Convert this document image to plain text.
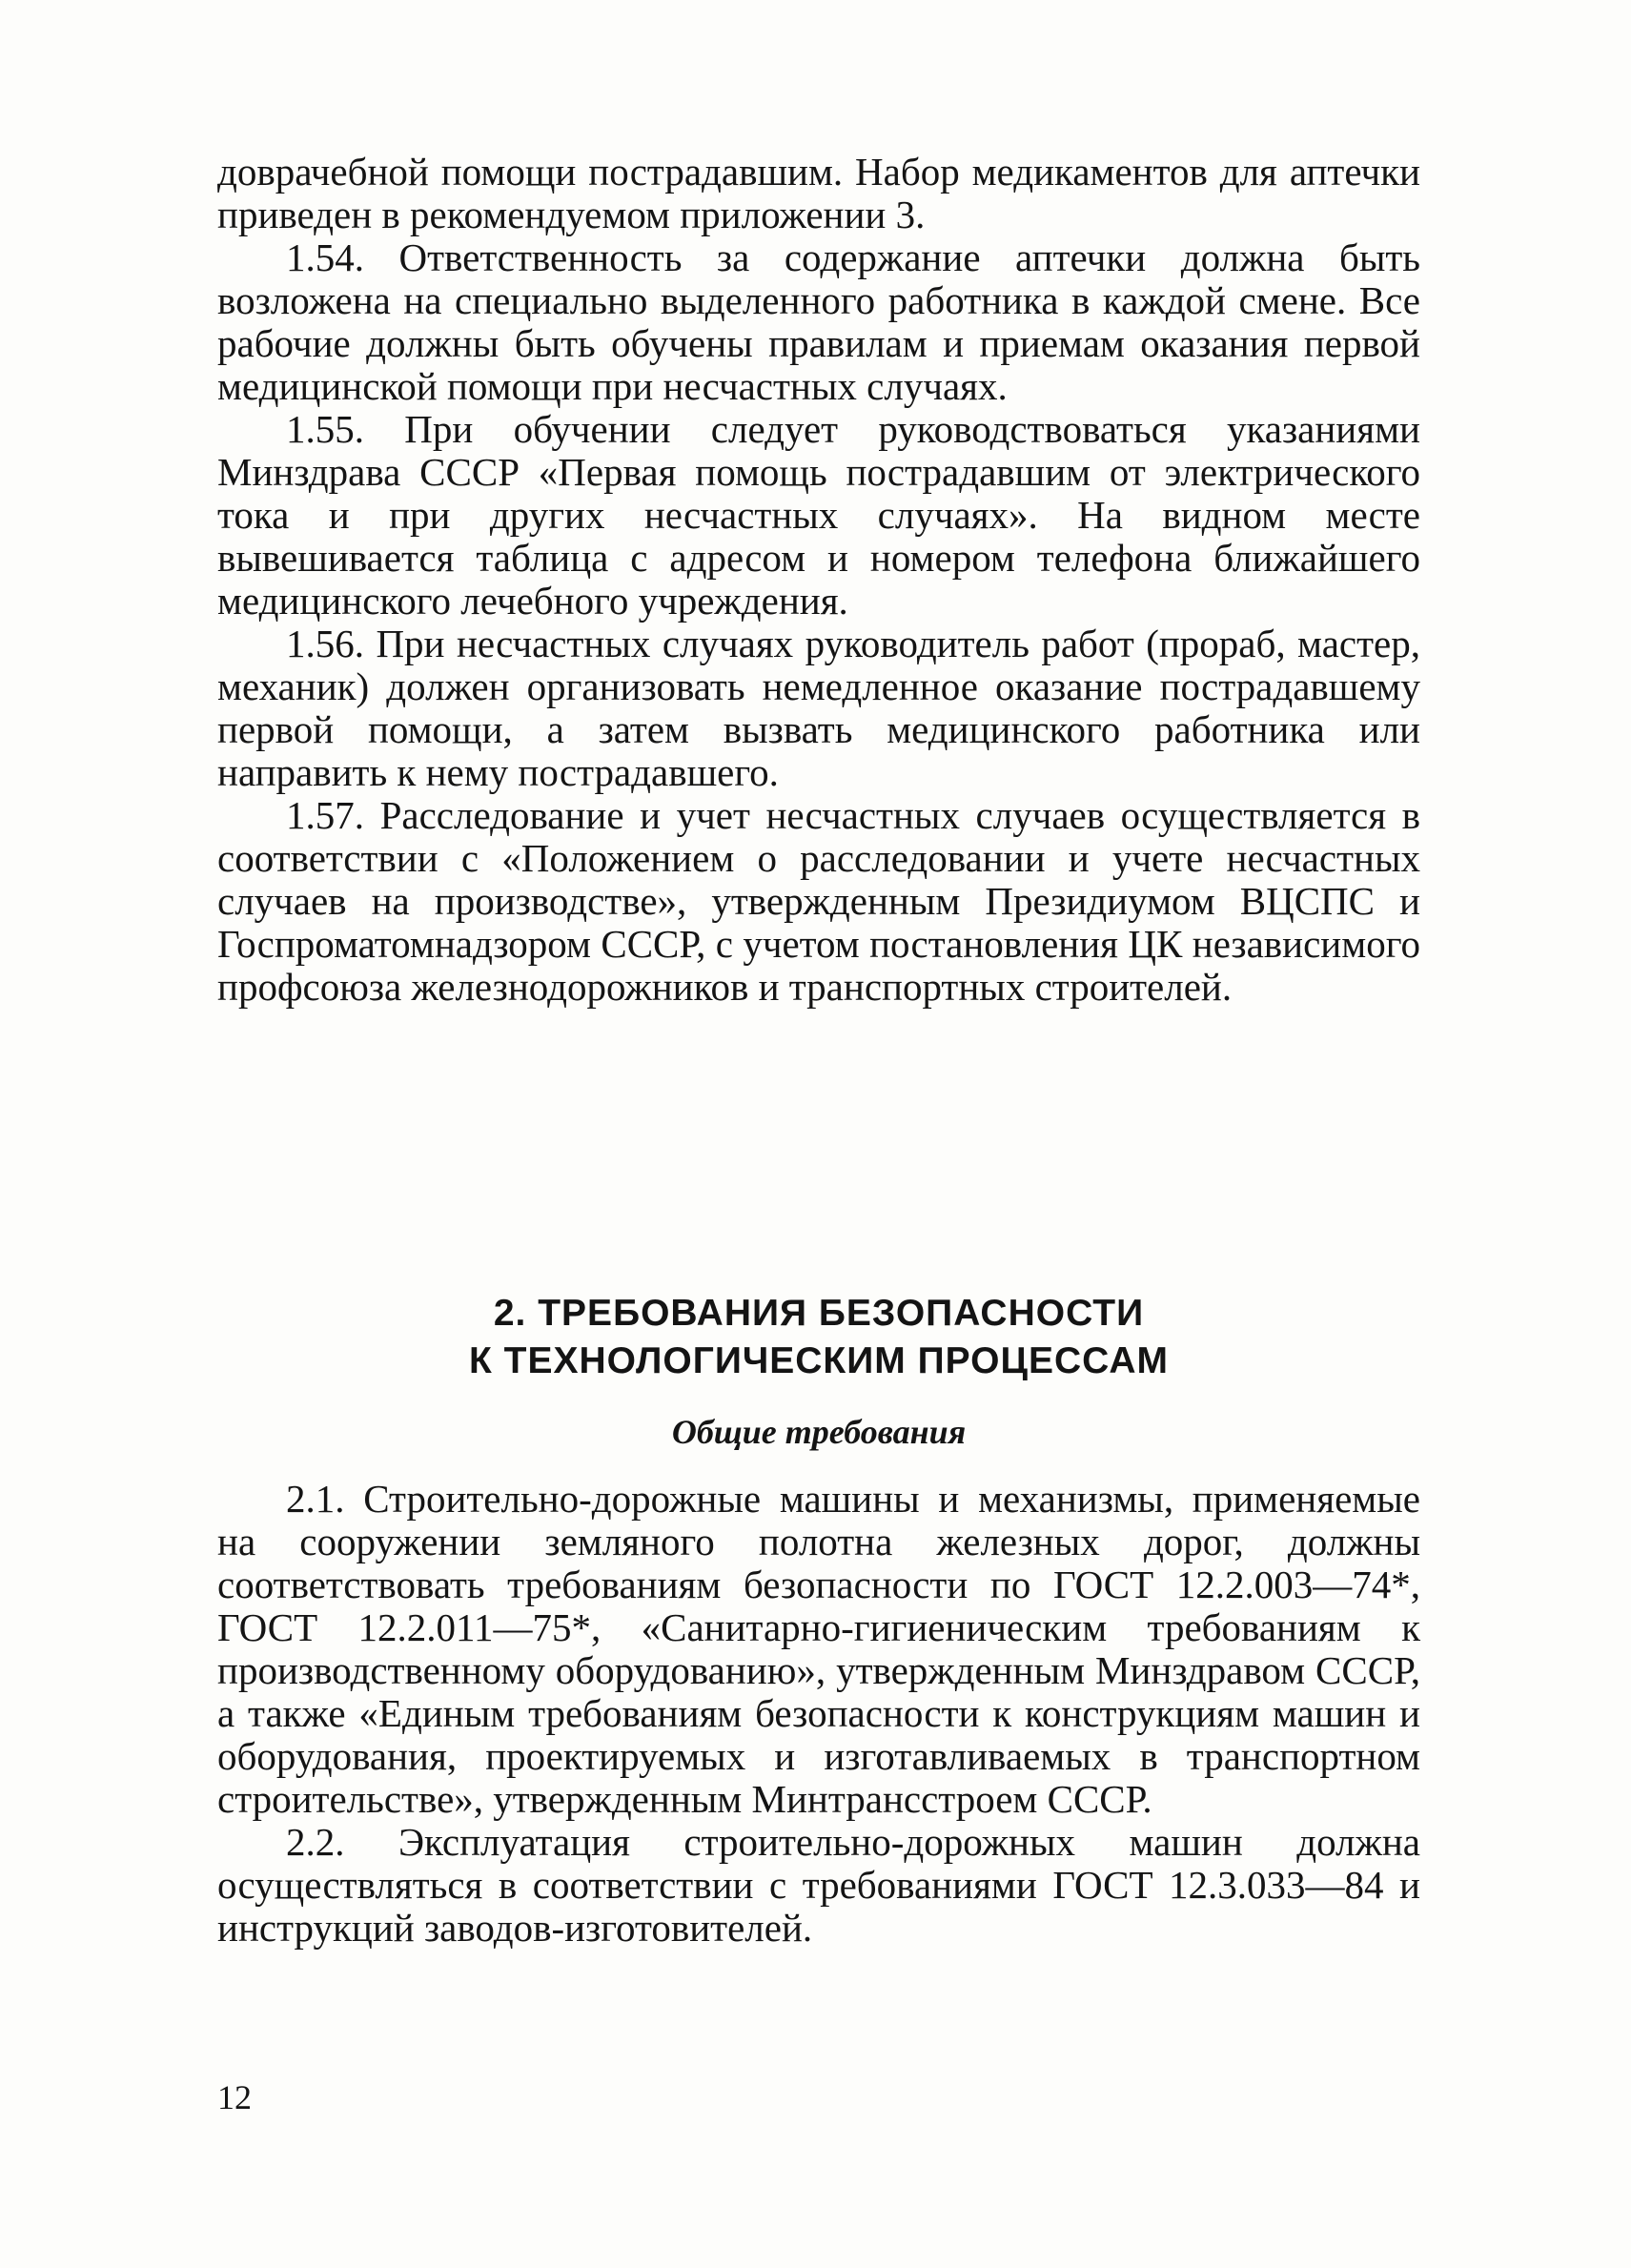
доврачебной помощи пострадавшим. Набор медикаментов для аптечки приведен в рекомендуемом приложении 3.

1.54. Ответственность за содержание аптечки должна быть возложена на специально выделенного работника в каждой смене. Все рабочие должны быть обучены правилам и приемам оказания первой медицинской помощи при несчастных случаях.

1.55. При обучении следует руководствоваться указаниями Минздрава СССР «Первая помощь пострадавшим от электрического тока и при других несчастных случаях». На видном месте вывешивается таблица с адресом и номером телефона ближайшего медицинского лечебного учреждения.

1.56. При несчастных случаях руководитель работ (прораб, мастер, механик) должен организовать немедленное оказание пострадавшему первой помощи, а затем вызвать медицинского работника или направить к нему пострадавшего.

1.57. Расследование и учет несчастных случаев осуществляется в соответствии с «Положением о расследовании и учете несчастных случаев на производстве», утвержденным Президиумом ВЦСПС и Госпроматомнадзором СССР, с учетом постановления ЦК независимого профсоюза железнодорожников и транспортных строителей.

2. ТРЕБОВАНИЯ БЕЗОПАСНОСТИ
К ТЕХНОЛОГИЧЕСКИМ ПРОЦЕССАМ
Общие требования

2.1. Строительно-дорожные машины и механизмы, применяемые на сооружении земляного полотна железных дорог, должны соответствовать требованиям безопасности по ГОСТ 12.2.003—74*, ГОСТ 12.2.011—75*, «Санитарно-гигиеническим требованиям к производственному оборудованию», утвержденным Минздравом СССР, а также «Единым требованиям безопасности к конструкциям машин и оборудования, проектируемых и изготавливаемых в транспортном строительстве», утвержденным Минтрансстроем СССР.

2.2. Эксплуатация строительно-дорожных машин должна осуществляться в соответствии с требованиями ГОСТ 12.3.033—84 и инструкций заводов-изготовителей.

12
